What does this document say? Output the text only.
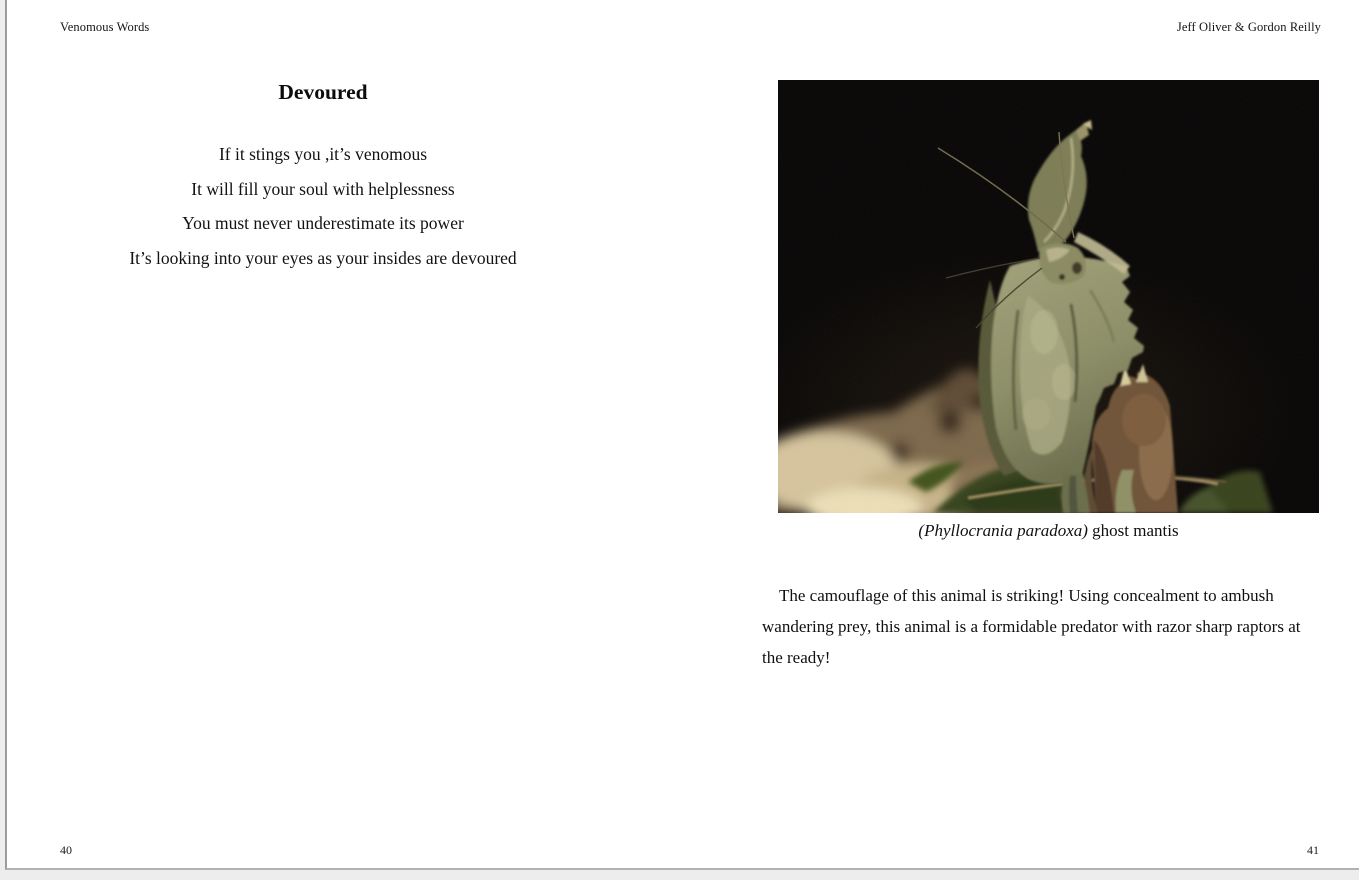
Venomous Words	Jeff Oliver & Gordon Reilly
Devoured
If it stings you ,it’s venomous
It will fill your soul with helplessness
You must never underestimate its power
It’s looking into your eyes as your insides are devoured
(Phyllocrania paradoxa) ghost mantis

The camouflage of this animal is striking! Using concealment to ambush wandering prey, this animal is a formidable predator with razor sharp raptors at the ready!

40	41
